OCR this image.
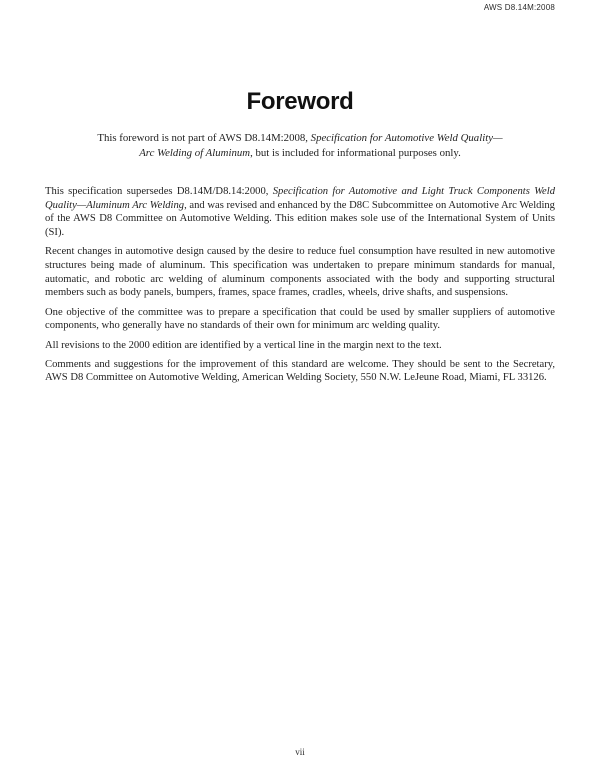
AWS D8.14M:2008
Foreword
This foreword is not part of AWS D8.14M:2008, Specification for Automotive Weld Quality—
Arc Welding of Aluminum, but is included for informational purposes only.

This specification supersedes D8.14M/D8.14:2000, Specification for Automotive and Light Truck Components Weld Quality—Aluminum Arc Welding, and was revised and enhanced by the D8C Subcommittee on Automotive Arc Welding of the AWS D8 Committee on Automotive Welding. This edition makes sole use of the International System of Units (SI).

Recent changes in automotive design caused by the desire to reduce fuel consumption have resulted in new automotive structures being made of aluminum. This specification was undertaken to prepare minimum standards for manual, automatic, and robotic arc welding of aluminum components associated with the body and supporting structural members such as body panels, bumpers, frames, space frames, cradles, wheels, drive shafts, and suspensions.

One objective of the committee was to prepare a specification that could be used by smaller suppliers of automotive components, who generally have no standards of their own for minimum arc welding quality.

All revisions to the 2000 edition are identified by a vertical line in the margin next to the text.

Comments and suggestions for the improvement of this standard are welcome. They should be sent to the Secretary, AWS D8 Committee on Automotive Welding, American Welding Society, 550 N.W. LeJeune Road, Miami, FL 33126.

vii
